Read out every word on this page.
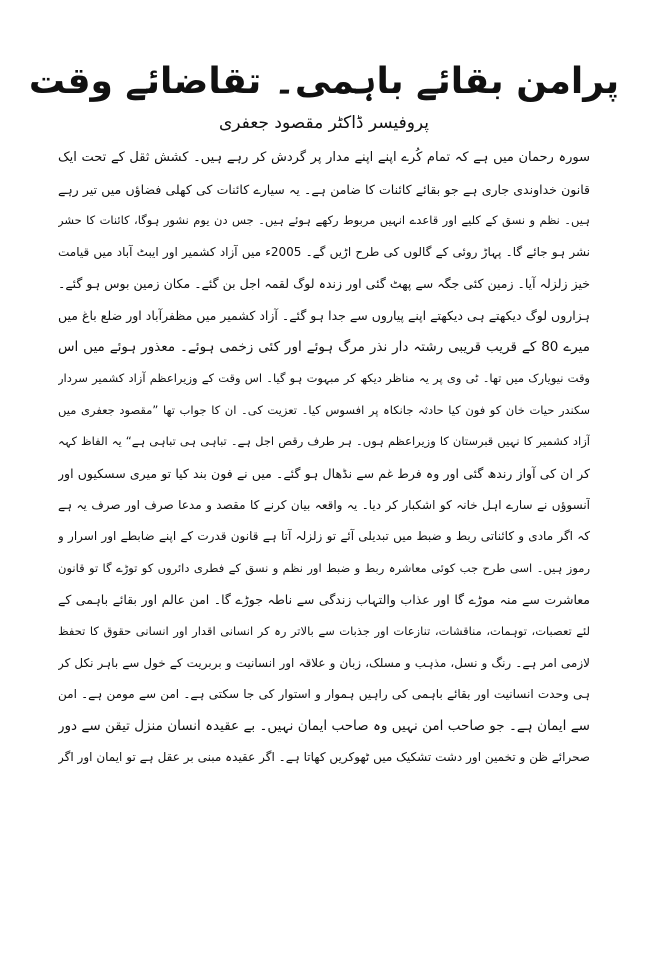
پرامن بقائے باہمی۔ تقاضائے وقت
پروفیسر ڈاکٹر مقصود جعفری
سورہ رحمان میں ہے کہ تمام کُرے اپنے اپنے مدار پر گردش کر رہے ہیں۔ کشش ثقل کے تحت ایک
قانون خداوندی جاری ہے جو بقائے کائنات کا ضامن ہے۔ یہ سیارے کائنات کی کھلی فضاؤں میں تیر رہے
ہیں۔ نظم و نسق کے کلیے اور قاعدے انہیں مربوط رکھے ہوئے ہیں۔ جس دن یوم نشور ہوگا، کائنات کا حشر
نشر ہو جائے گا۔ پہاڑ روئی کے گالوں کی طرح اڑیں گے۔ 2005ء میں آزاد کشمیر اور ایبٹ آباد میں قیامت
خیز زلزلہ آیا۔ زمین کئی جگہ سے پھٹ گئی اور زندہ لوگ لقمہ اجل بن گئے۔ مکان زمین بوس ہو گئے۔
ہزاروں لوگ دیکھتے ہی دیکھتے اپنے پیاروں سے جدا ہو گئے۔ آزاد کشمیر میں مظفرآباد اور ضلع باغ میں
میرے 80 کے قریب قریبی رشتہ دار نذر مرگ ہوئے اور کئی زخمی ہوئے۔ معذور ہوئے میں اس
وقت نیویارک میں تھا۔ ٹی وی پر یہ مناظر دیکھ کر مبہوت ہو گیا۔ اس وقت کے وزیراعظم آزاد کشمیر سردار
سکندر حیات خان کو فون کیا حادثہ جانکاہ پر افسوس کیا۔ تعزیت کی۔ ان کا جواب تھا ”مقصود جعفری میں
آزاد کشمیر کا نہیں قبرستان کا وزیراعظم ہوں۔ ہر طرف رقص اجل ہے۔ تباہی ہی تباہی ہے“ یہ الفاظ کہہ
کر ان کی آواز رندھ گئی اور وہ فرط غم سے نڈھال ہو گئے۔ میں نے فون بند کیا تو میری سسکیوں اور
آنسوؤں نے سارے اہل خانہ کو اشکبار کر دیا۔ یہ واقعہ بیان کرنے کا مقصد و مدعا صرف اور صرف یہ ہے
کہ اگر مادی و کائناتی ربط و ضبط میں تبدیلی آئے تو زلزلہ آتا ہے قانون قدرت کے اپنے ضابطے اور اسرار و
رموز ہیں۔ اسی طرح جب کوئی معاشرہ ربط و ضبط اور نظم و نسق کے فطری دائروں کو توڑے گا تو قانون
معاشرت سے منہ موڑے گا اور عذاب والتہاب زندگی سے ناطہ جوڑے گا۔ امن عالم اور بقائے باہمی کے
لئے تعصبات، توہمات، مناقشات، تنازعات اور جذبات سے بالاتر رہ کر انسانی اقدار اور انسانی حقوق کا تحفظ
لازمی امر ہے۔ رنگ و نسل، مذہب و مسلک، زبان و علاقہ اور انسانیت و بربریت کے خول سے باہر نکل کر
ہی وحدت انسانیت اور بقائے باہمی کی راہیں ہموار و استوار کی جا سکتی ہے۔ امن سے مومن ہے۔ امن
سے ایمان ہے۔ جو صاحب امن نہیں وہ صاحب ایمان نہیں۔ بے عقیدہ انسان منزل تیقن سے دور
صحرائے ظن و تخمین اور دشت تشکیک میں ٹھوکریں کھاتا ہے۔ اگر عقیدہ مبنی بر عقل ہے تو ایمان اور اگر
